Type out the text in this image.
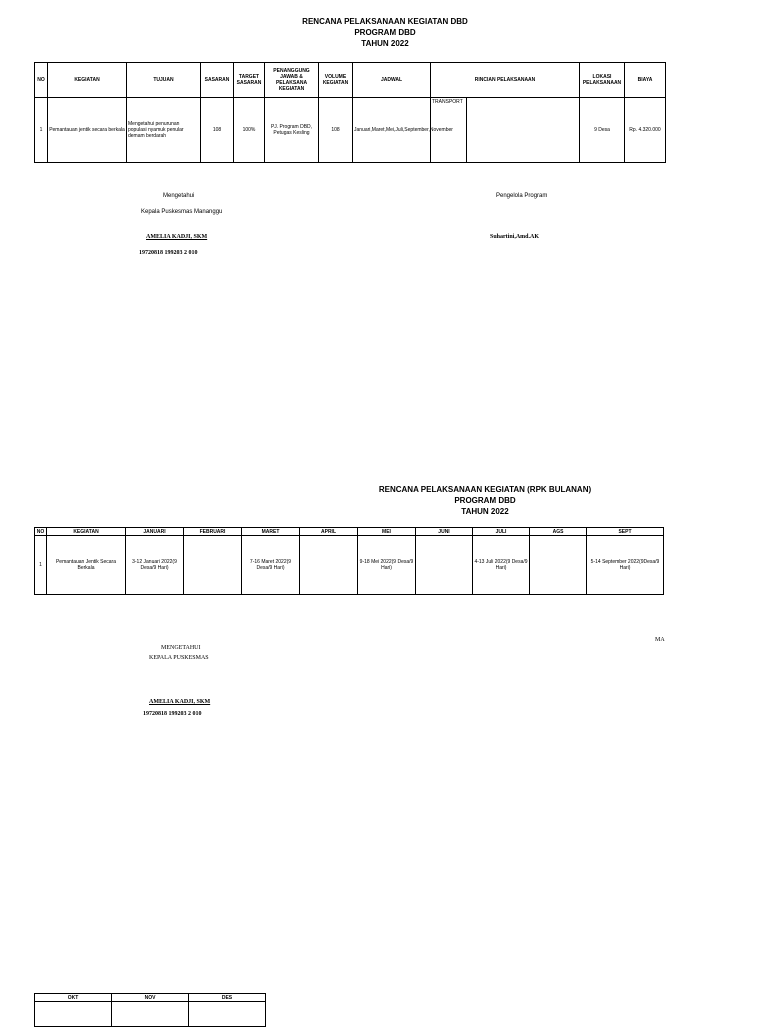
RENCANA PELAKSANAAN KEGIATAN DBD
PROGRAM DBD
TAHUN 2022
NO	KEGIATAN	TUJUAN	SASARAN	TARGET SASARAN	PENANGGUNG JAWAB & PELAKSANA KEGIATAN	VOLUME KEGIATAN	JADWAL	RINCIAN PELAKSANAAN		LOKASI PELAKSANAAN	BIAYA
1	Pemantauan jentik secara berkala	Mengetahui penurunan populasi nyamuk penular demam berdarah	108	100%	PJ. Program DBD, Petugas Kesling	108	Januari,Maret,Mei,Juli,September,November	TRANSPORT		9 Desa	Rp. 4.320.000
Mengetahui
Kepala Puskesmas Mananggu
AMELIA KADJI, SKM
19720818 199203 2 010
Pengelola Program
Suhartini,Amd.AK
RENCANA PELAKSANAAN KEGIATAN (RPK BULANAN)
PROGRAM DBD
TAHUN 2022
NO	KEGIATAN	JANUARI	FEBRUARI	MARET	APRIL	MEI	JUNI	JULI	AGS	SEPT
1	Pemantauan Jentik Secara Berkala	3-12 Januari 2022(9 Desa/9 Hari)		7-16 Maret 2022(9 Desa/9 Hari)		9-18 Mei 2022(9 Desa/9 Hari)		4-13 Juli 2022(9 Desa/9 Hari)		5-14 September 2022(9Desa/9 Hari)
MA
MENGETAHUI
KEPALA PUSKESMAS
AMELIA KADJI, SKM
19720818 199203 2 010
OKT	NOV	DES
